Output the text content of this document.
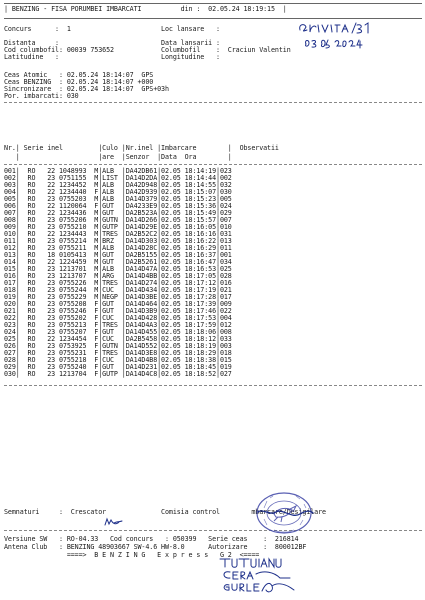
| BENZING - FISA PORUMBEI IMBARCATI          din :  02.05.24 18:19:15  |
Concurs      :  1                       Loc lansare   :
Distanta     :                          Data lansarii :
Cod columbofil: 00039 753652            Columbofil    :  Craciun Valentin
Latitudine   :                          Longitudine   :
Ceas Atomic   : 02.05.24 18:14:07  GPS
Ceas BENZING  : 02.05.24 18:14:07 +000
Sincronizare  : 02.05.24 18:14:07  GPS+03h
Por. imbarcati: 030
Nr.| Serie inel         |Culo |Nr.inel |Imbarcare        |  Observatii
|                    |are  |Senzor  |Data  Ora        |
001|  RO   22 1048993  M|ALB  |DA42DB61|02.05 18:14:19|023
002|  RO   23 0751155  M|LIST |DA14D2DA|02.05 18:14:44|002
003|  RO   22 1234452  M|ALB  |DA42D948|02.05 18:14:55|032
004|  RO   22 1234440  F|ALB  |DA42D939|02.05 18:15:07|030
005|  RO   23 0755203  M|ALB  |DA14D379|02.05 18:15:23|005
006|  RO   22 1120064  F|GUT  |DA4233E9|02.05 18:15:36|024
007|  RO   22 1234436  M|GUT  |DA2B523A|02.05 18:15:49|029
008|  RO   23 0755206  M|GUTN |DA14D266|02.05 18:15:57|007
009|  RO   23 0755210  M|GUTP |DA14D29E|02.05 18:16:05|010
010|  RO   22 1234443  M|TRES |DA2B52C2|02.05 18:16:16|031
011|  RO   23 0755214  M|BRZ  |DA14D303|02.05 18:16:22|013
012|  RO   23 0755211  M|ALB  |DA14D28C|02.05 18:16:29|011
013|  RO   18 0105413  M|GUT  |DA2B5155|02.05 18:16:37|001
014|  RO   22 1224459  M|GUT  |DA2B5261|02.05 18:16:47|034
015|  RO   23 1213701  M|ALB  |DA14D47A|02.05 18:16:53|025
016|  RO   23 1213707  M|ARG  |DA14D4BB|02.05 18:17:05|028
017|  RO   23 0755226  M|TRES |DA14D274|02.05 18:17:12|016
018|  RO   23 0755244  M|CUC  |DA14D434|02.05 18:17:19|021
019|  RO   23 0755229  M|NEGP |DA14D3BE|02.05 18:17:28|017
020|  RO   23 0755208  F|GUT  |DA14D464|02.05 18:17:39|009
021|  RO   23 0755246  F|GUT  |DA14D3B9|02.05 18:17:46|022
022|  RO   23 0755202  F|CUC  |DA14D428|02.05 18:17:53|004
023|  RO   23 0755213  F|TRES |DA14D4A3|02.05 18:17:59|012
024|  RO   23 0755207  F|GUT  |DA14D455|02.05 18:18:06|008
025|  RO   22 1234454  F|CUC  |DA2B5458|02.05 18:18:12|033
026|  RO   23 0753925  F|GUTN |DA14D552|02.05 18:18:19|003
027|  RO   23 0755231  F|TRES |DA14D3E8|02.05 18:18:29|018
028|  RO   23 0755218  F|CUC  |DA14D4B8|02.05 18:18:38|015
029|  RO   23 0755240  F|GUT  |DA14D231|02.05 18:18:45|019
030|  RO   23 1213704  F|GUTP |DA14D4C8|02.05 18:18:52|027
Semnaturi     :  Crescator              Comisia control        mbarcare/Desigilare
Versiune SW   : RO-04.33   Cod concurs   : 050399   Serie ceas    :  216814
Antena Club   : BENZING 48903667 SW-4.6 HW-8.0      Autorizare    :  800012BF
====>  B E N Z I N G   E x p r e s s   G 2  <====
